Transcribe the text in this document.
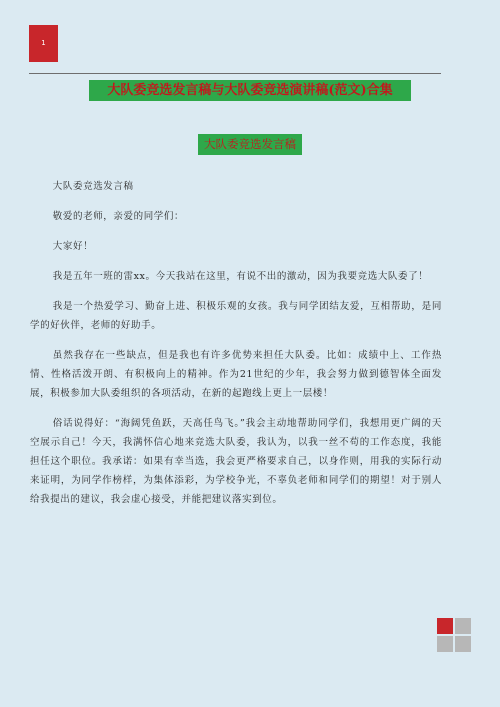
1
大队委竞选发言稿与大队委竞选演讲稿(范文)合集
大队委竞选发言稿

大队委竞选发言稿

敬爱的老师，亲爱的同学们：

大家好！

我是五年一班的雷xx。今天我站在这里，有说不出的激动，因为我要竞选大队委了！

我是一个热爱学习、勤奋上进、积极乐观的女孩。我与同学团结友爱，互相帮助，是同学的好伙伴，老师的好助手。

虽然我存在一些缺点，但是我也有许多优势来担任大队委。比如：成绩中上、工作热情、性格活泼开朗、有积极向上的精神。作为21世纪的少年，我会努力做到德智体全面发展，积极参加大队委组织的各项活动，在新的起跑线上更上一层楼！

俗话说得好：“海阔凭鱼跃，天高任鸟飞。”我会主动地帮助同学们，我想用更广阔的天空展示自己！今天，我满怀信心地来竞选大队委，我认为，以我一丝不苟的工作态度，我能担任这个职位。我承诺：如果有幸当选，我会更严格要求自己，以身作则，用我的实际行动来证明，为同学作榜样，为集体添彩，为学校争光，不辜负老师和同学们的期望！对于别人给我提出的建议，我会虚心接受，并能把建议落实到位。
